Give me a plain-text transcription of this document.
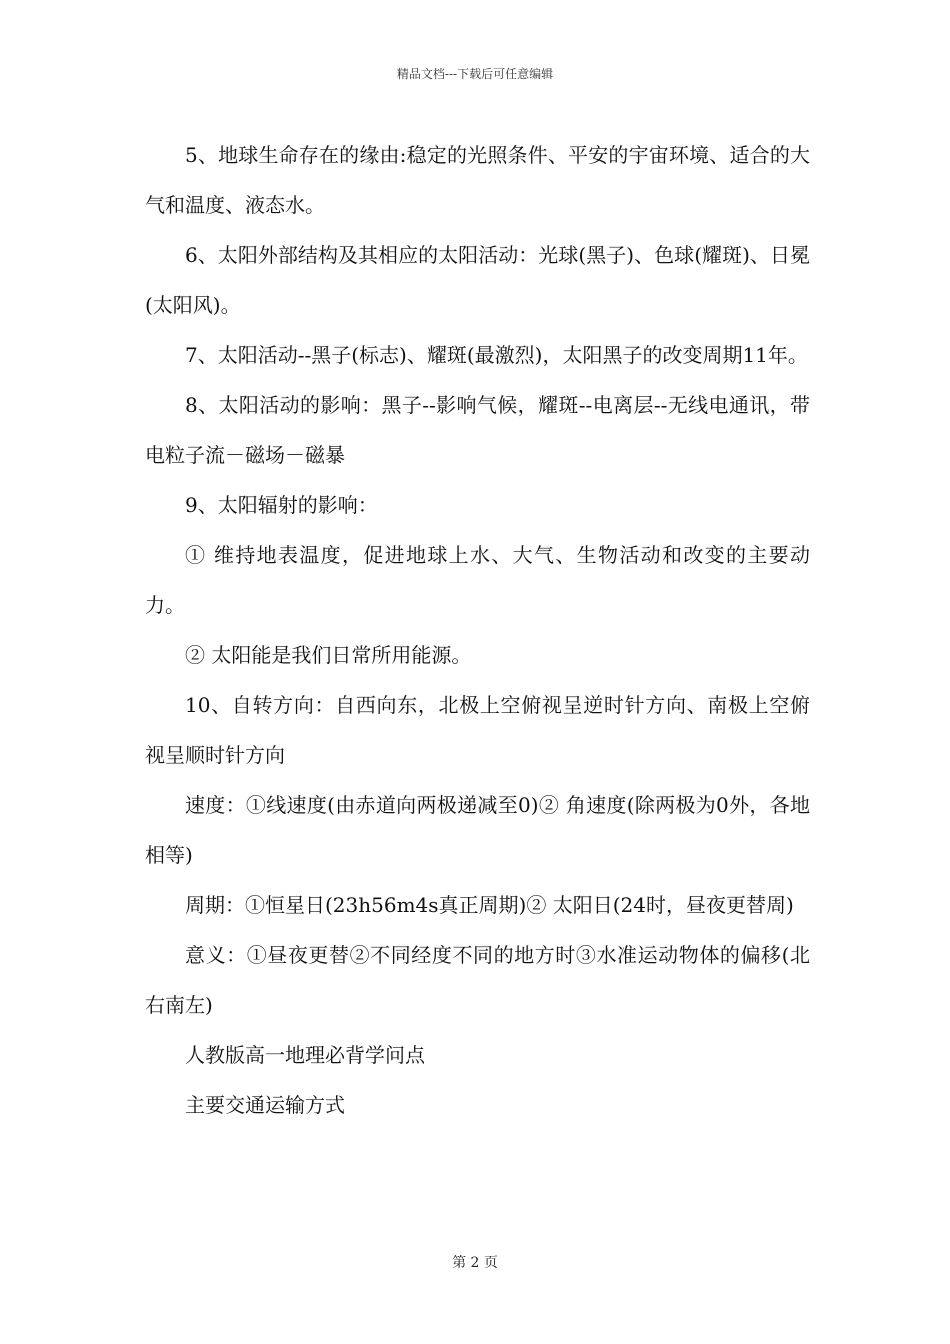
精品文档---下载后可任意编辑

5、地球生命存在的缘由:稳定的光照条件、平安的宇宙环境、适合的大气和温度、液态水。

6、太阳外部结构及其相应的太阳活动：光球(黑子)、色球(耀斑)、日冕(太阳风)。

7、太阳活动--黑子(标志)、耀斑(最激烈)，太阳黑子的改变周期11年。

8、太阳活动的影响：黑子--影响气候，耀斑--电离层--无线电通讯，带电粒子流－磁场－磁暴

9、太阳辐射的影响：

① 维持地表温度，促进地球上水、大气、生物活动和改变的主要动力。

② 太阳能是我们日常所用能源。

10、自转方向：自西向东，北极上空俯视呈逆时针方向、南极上空俯视呈顺时针方向

速度：①线速度(由赤道向两极递减至0)② 角速度(除两极为0外，各地相等)

周期：①恒星日(23h56m4s真正周期)② 太阳日(24时，昼夜更替周)

意义：①昼夜更替②不同经度不同的地方时③水准运动物体的偏移(北右南左)

人教版高一地理必背学问点

主要交通运输方式

第 2 页
